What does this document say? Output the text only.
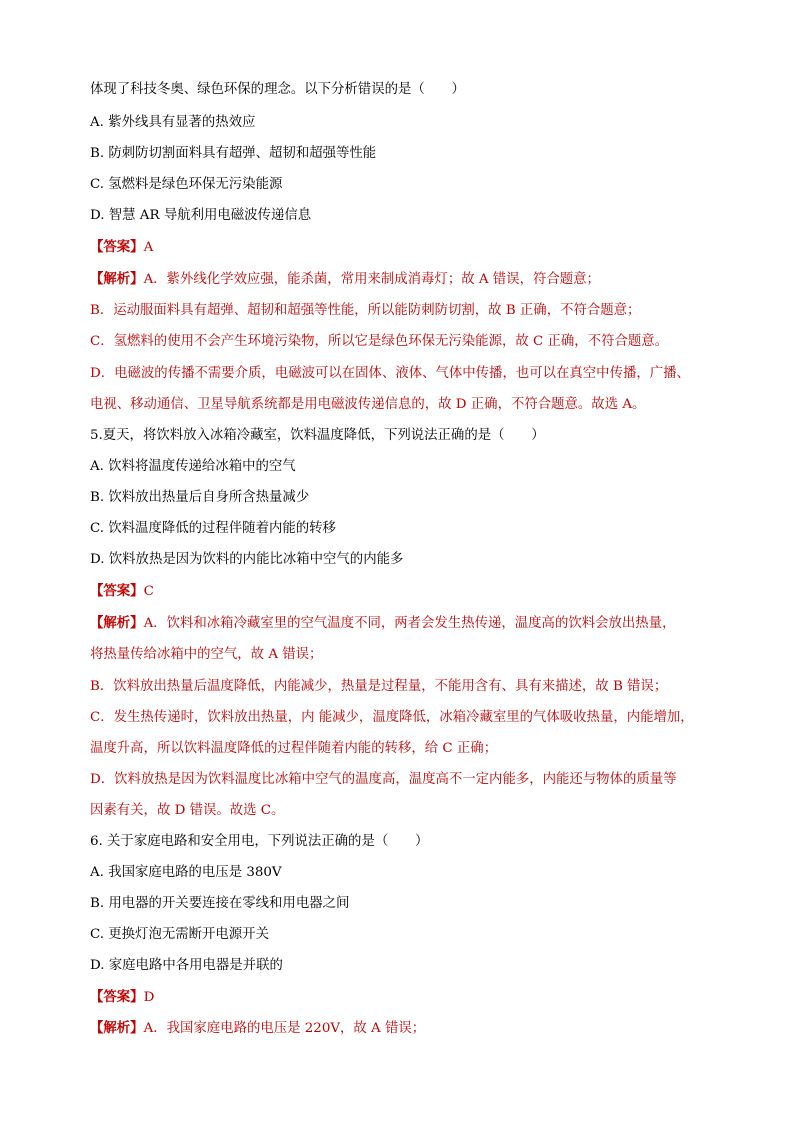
体现了科技冬奥、绿色环保的理念。以下分析错误的是（　　）
A. 紫外线具有显著的热效应
B. 防刺防切割面料具有超弹、超韧和超强等性能
C. 氢燃料是绿色环保无污染能源
D. 智慧 AR 导航利用电磁波传递信息
【答案】A
【解析】A．紫外线化学效应强，能杀菌，常用来制成消毒灯；故 A 错误，符合题意；
B．运动服面料具有超弹、超韧和超强等性能，所以能防刺防切割，故 B 正确，不符合题意；
C．氢燃料的使用不会产生环境污染物，所以它是绿色环保无污染能源，故 C 正确，不符合题意。
D．电磁波的传播不需要介质，电磁波可以在固体、液体、气体中传播，也可以在真空中传播，广播、
电视、移动通信、卫星导航系统都是用电磁波传递信息的，故 D 正确，不符合题意。故选 A。
5.夏天，将饮料放入冰箱冷藏室，饮料温度降低，下列说法正确的是（　　）
A. 饮料将温度传递给冰箱中的空气
B. 饮料放出热量后自身所含热量减少
C. 饮料温度降低的过程伴随着内能的转移
D. 饮料放热是因为饮料的内能比冰箱中空气的内能多
【答案】C
【解析】A．饮料和冰箱冷藏室里的空气温度不同，两者会发生热传递，温度高的饮料会放出热量，
将热量传给冰箱中的空气，故 A 错误；
B．饮料放出热量后温度降低，内能减少，热量是过程量，不能用含有、具有来描述，故 B 错误；
C．发生热传递时，饮料放出热量，内 能减少，温度降低，冰箱冷藏室里的气体吸收热量，内能增加，
温度升高，所以饮料温度降低的过程伴随着内能的转移，给 C 正确；
D．饮料放热是因为饮料温度比冰箱中空气的温度高，温度高不一定内能多，内能还与物体的质量等
因素有关，故 D 错误。故选 C。
6. 关于家庭电路和安全用电，下列说法正确的是（　　）
A. 我国家庭电路的电压是 380V
B. 用电器的开关要连接在零线和用电器之间
C. 更换灯泡无需断开电源开关
D. 家庭电路中各用电器是并联的
【答案】D
【解析】A．我国家庭电路的电压是 220V，故 A 错误；
